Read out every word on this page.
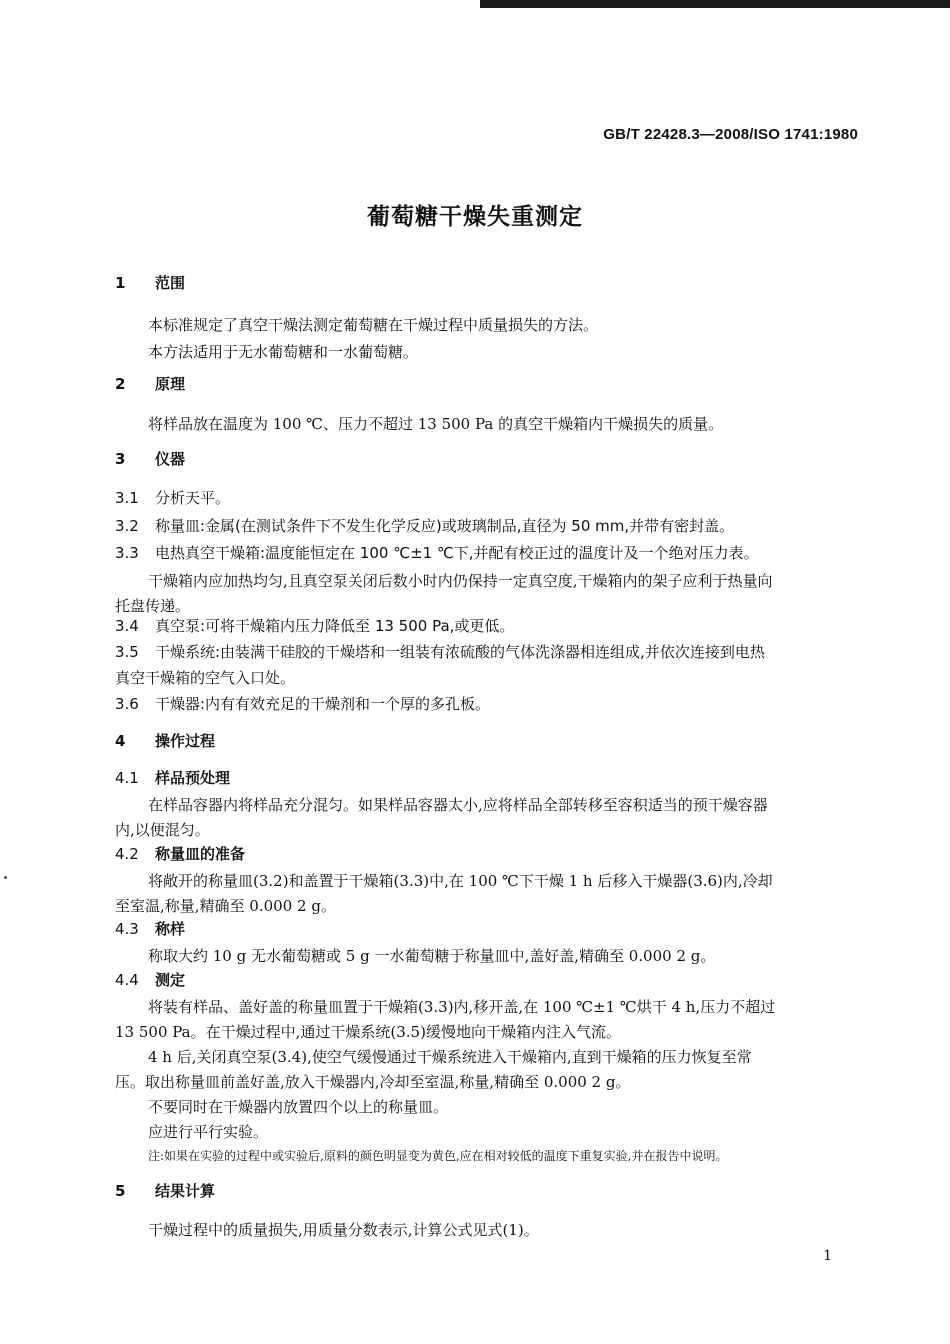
GB/T 22428.3—2008/ISO 1741:1980
葡萄糖干燥失重测定
1 范围
本标准规定了真空干燥法测定葡萄糖在干燥过程中质量损失的方法。
本方法适用于无水葡萄糖和一水葡萄糖。
2 原理
将样品放在温度为 100 ℃、压力不超过 13 500 Pa 的真空干燥箱内干燥损失的质量。
3 仪器
3.1 分析天平。
3.2 称量皿:金属(在测试条件下不发生化学反应)或玻璃制品,直径为 50 mm,并带有密封盖。
3.3 电热真空干燥箱:温度能恒定在 100 ℃±1 ℃下,并配有校正过的温度计及一个绝对压力表。
干燥箱内应加热均匀,且真空泵关闭后数小时内仍保持一定真空度,干燥箱内的架子应利于热量向
托盘传递。
3.4 真空泵:可将干燥箱内压力降低至 13 500 Pa,或更低。
3.5 干燥系统:由装满干硅胶的干燥塔和一组装有浓硫酸的气体洗涤器相连组成,并依次连接到电热
真空干燥箱的空气入口处。
3.6 干燥器:内有有效充足的干燥剂和一个厚的多孔板。
4 操作过程
4.1 样品预处理
在样品容器内将样品充分混匀。如果样品容器太小,应将样品全部转移至容积适当的预干燥容器
内,以便混匀。
4.2 称量皿的准备
将敞开的称量皿(3.2)和盖置于干燥箱(3.3)中,在 100 ℃下干燥 1 h 后移入干燥器(3.6)内,冷却
至室温,称量,精确至 0.000 2 g。
4.3 称样
称取大约 10 g 无水葡萄糖或 5 g 一水葡萄糖于称量皿中,盖好盖,精确至 0.000 2 g。
4.4 测定
将装有样品、盖好盖的称量皿置于干燥箱(3.3)内,移开盖,在 100 ℃±1 ℃烘干 4 h,压力不超过
13 500 Pa。在干燥过程中,通过干燥系统(3.5)缓慢地向干燥箱内注入气流。
4 h 后,关闭真空泵(3.4),使空气缓慢通过干燥系统进入干燥箱内,直到干燥箱的压力恢复至常
压。取出称量皿前盖好盖,放入干燥器内,冷却至室温,称量,精确至 0.000 2 g。
不要同时在干燥器内放置四个以上的称量皿。
应进行平行实验。
注:如果在实验的过程中或实验后,原料的颜色明显变为黄色,应在相对较低的温度下重复实验,并在报告中说明。
5 结果计算
干燥过程中的质量损失,用质量分数表示,计算公式见式(1)。
1
